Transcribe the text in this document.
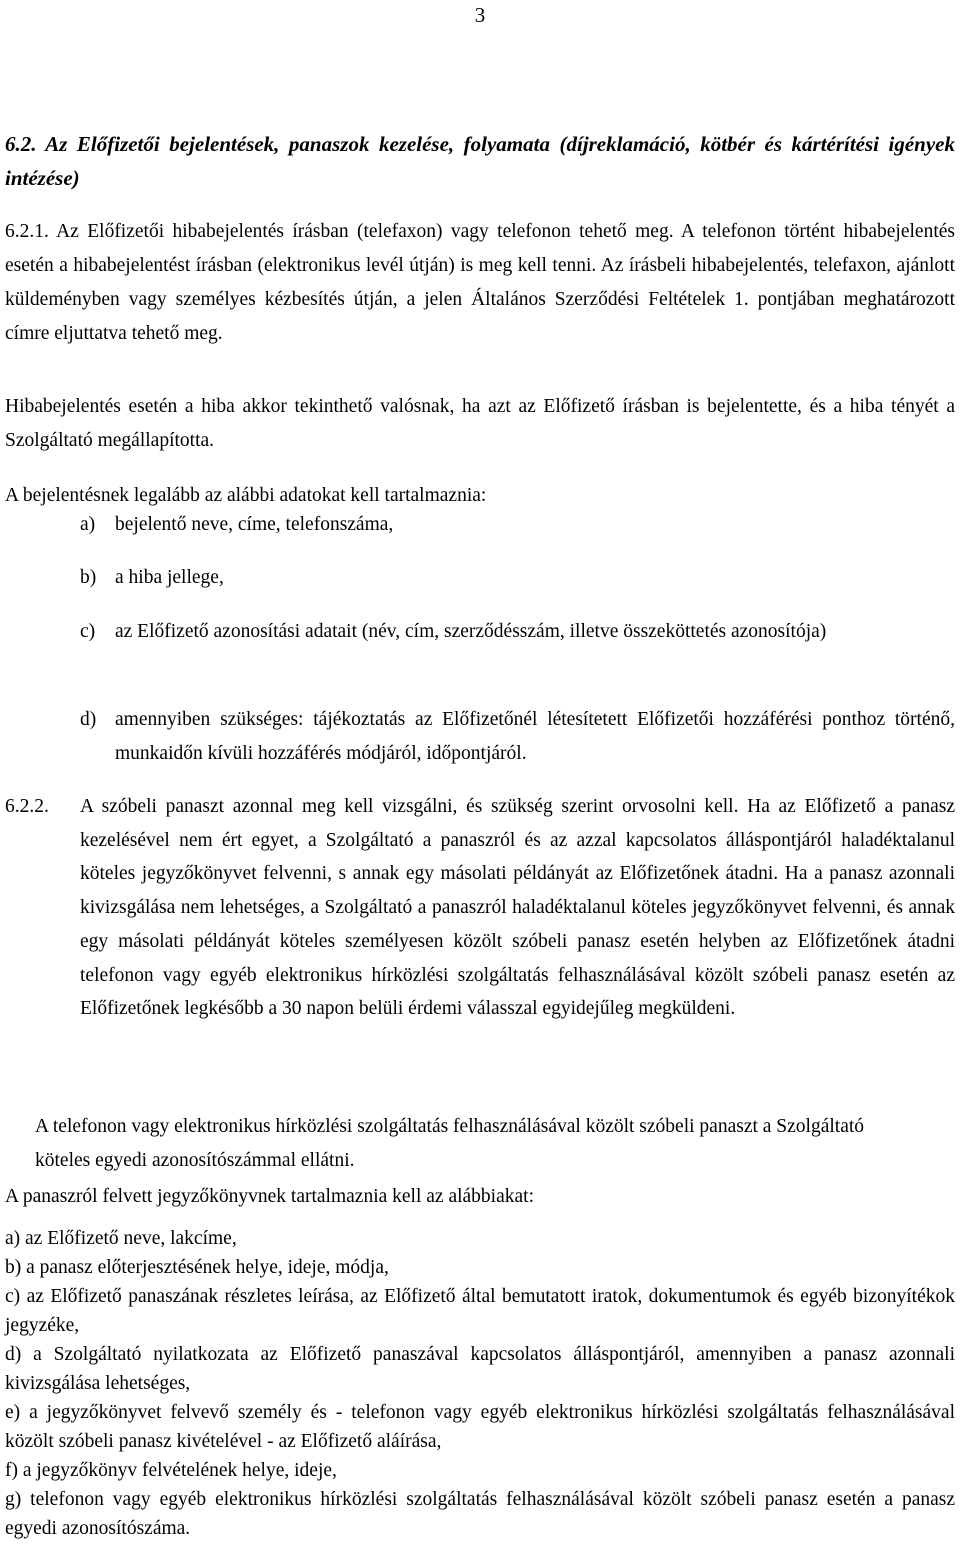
3

6.2. Az Előfizetői bejelentések, panaszok kezelése, folyamata (díjreklamáció, kötbér és kártérítési igények intézése)

6.2.1. Az Előfizetői hibabejelentés írásban (telefaxon) vagy telefonon tehető meg. A telefonon történt hibabejelentés esetén a hibabejelentést írásban (elektronikus levél útján) is meg kell tenni. Az írásbeli hibabejelentés, telefaxon, ajánlott küldeményben vagy személyes kézbesítés útján, a jelen Általános Szerződési Feltételek 1. pontjában meghatározott címre eljuttatva tehető meg.

Hibabejelentés esetén a hiba akkor tekinthető valósnak, ha azt az Előfizető írásban is bejelentette, és a hiba tényét a Szolgáltató megállapította.

A bejelentésnek legalább az alábbi adatokat kell tartalmaznia:

a)	bejelentő neve, címe, telefonszáma,
b) a hiba jellege,
c)	az Előfizető azonosítási adatait (név, cím, szerződésszám, illetve összeköttetés azonosítója)
d) amennyiben szükséges: tájékoztatás az Előfizetőnél létesítetett Előfizetői hozzáférési ponthoz történő, munkaidőn kívüli hozzáférés módjáról, időpontjáról.
6.2.2.	A szóbeli panaszt azonnal meg kell vizsgálni, és szükség szerint orvosolni kell. Ha az Előfizető a panasz kezelésével nem ért egyet, a Szolgáltató a panaszról és az azzal kapcsolatos álláspontjáról haladéktalanul köteles jegyzőkönyvet felvenni, s annak egy másolati példányát az Előfizetőnek átadni. Ha a panasz azonnali kivizsgálása nem lehetséges, a Szolgáltató a panaszról haladéktalanul köteles jegyzőkönyvet felvenni, és annak egy másolati példányát köteles személyesen közölt szóbeli panasz esetén helyben az Előfizetőnek átadni telefonon vagy egyéb elektronikus hírközlési szolgáltatás felhasználásával közölt szóbeli panasz esetén az Előfizetőnek legkésőbb a 30 napon belüli érdemi válasszal egyidejűleg megküldeni.

A telefonon vagy elektronikus hírközlési szolgáltatás felhasználásával közölt szóbeli panaszt a Szolgáltató köteles egyedi azonosítószámmal ellátni.

A panaszról felvett jegyzőkönyvnek tartalmaznia kell az alábbiakat:

a) az Előfizető neve, lakcíme,
b) a panasz előterjesztésének helye, ideje, módja,
c) az Előfizető panaszának részletes leírása, az Előfizető által bemutatott iratok, dokumentumok és egyéb bizonyítékok jegyzéke,
d) a Szolgáltató nyilatkozata az Előfizető panaszával kapcsolatos álláspontjáról, amennyiben a panasz azonnali kivizsgálása lehetséges,
e) a jegyzőkönyvet felvevő személy és - telefonon vagy egyéb elektronikus hírközlési szolgáltatás felhasználásával közölt szóbeli panasz kivételével - az Előfizető aláírása,
f) a jegyzőkönyv felvételének helye, ideje,
g) telefonon vagy egyéb elektronikus hírközlési szolgáltatás felhasználásával közölt szóbeli panasz esetén a panasz egyedi azonosítószáma.
